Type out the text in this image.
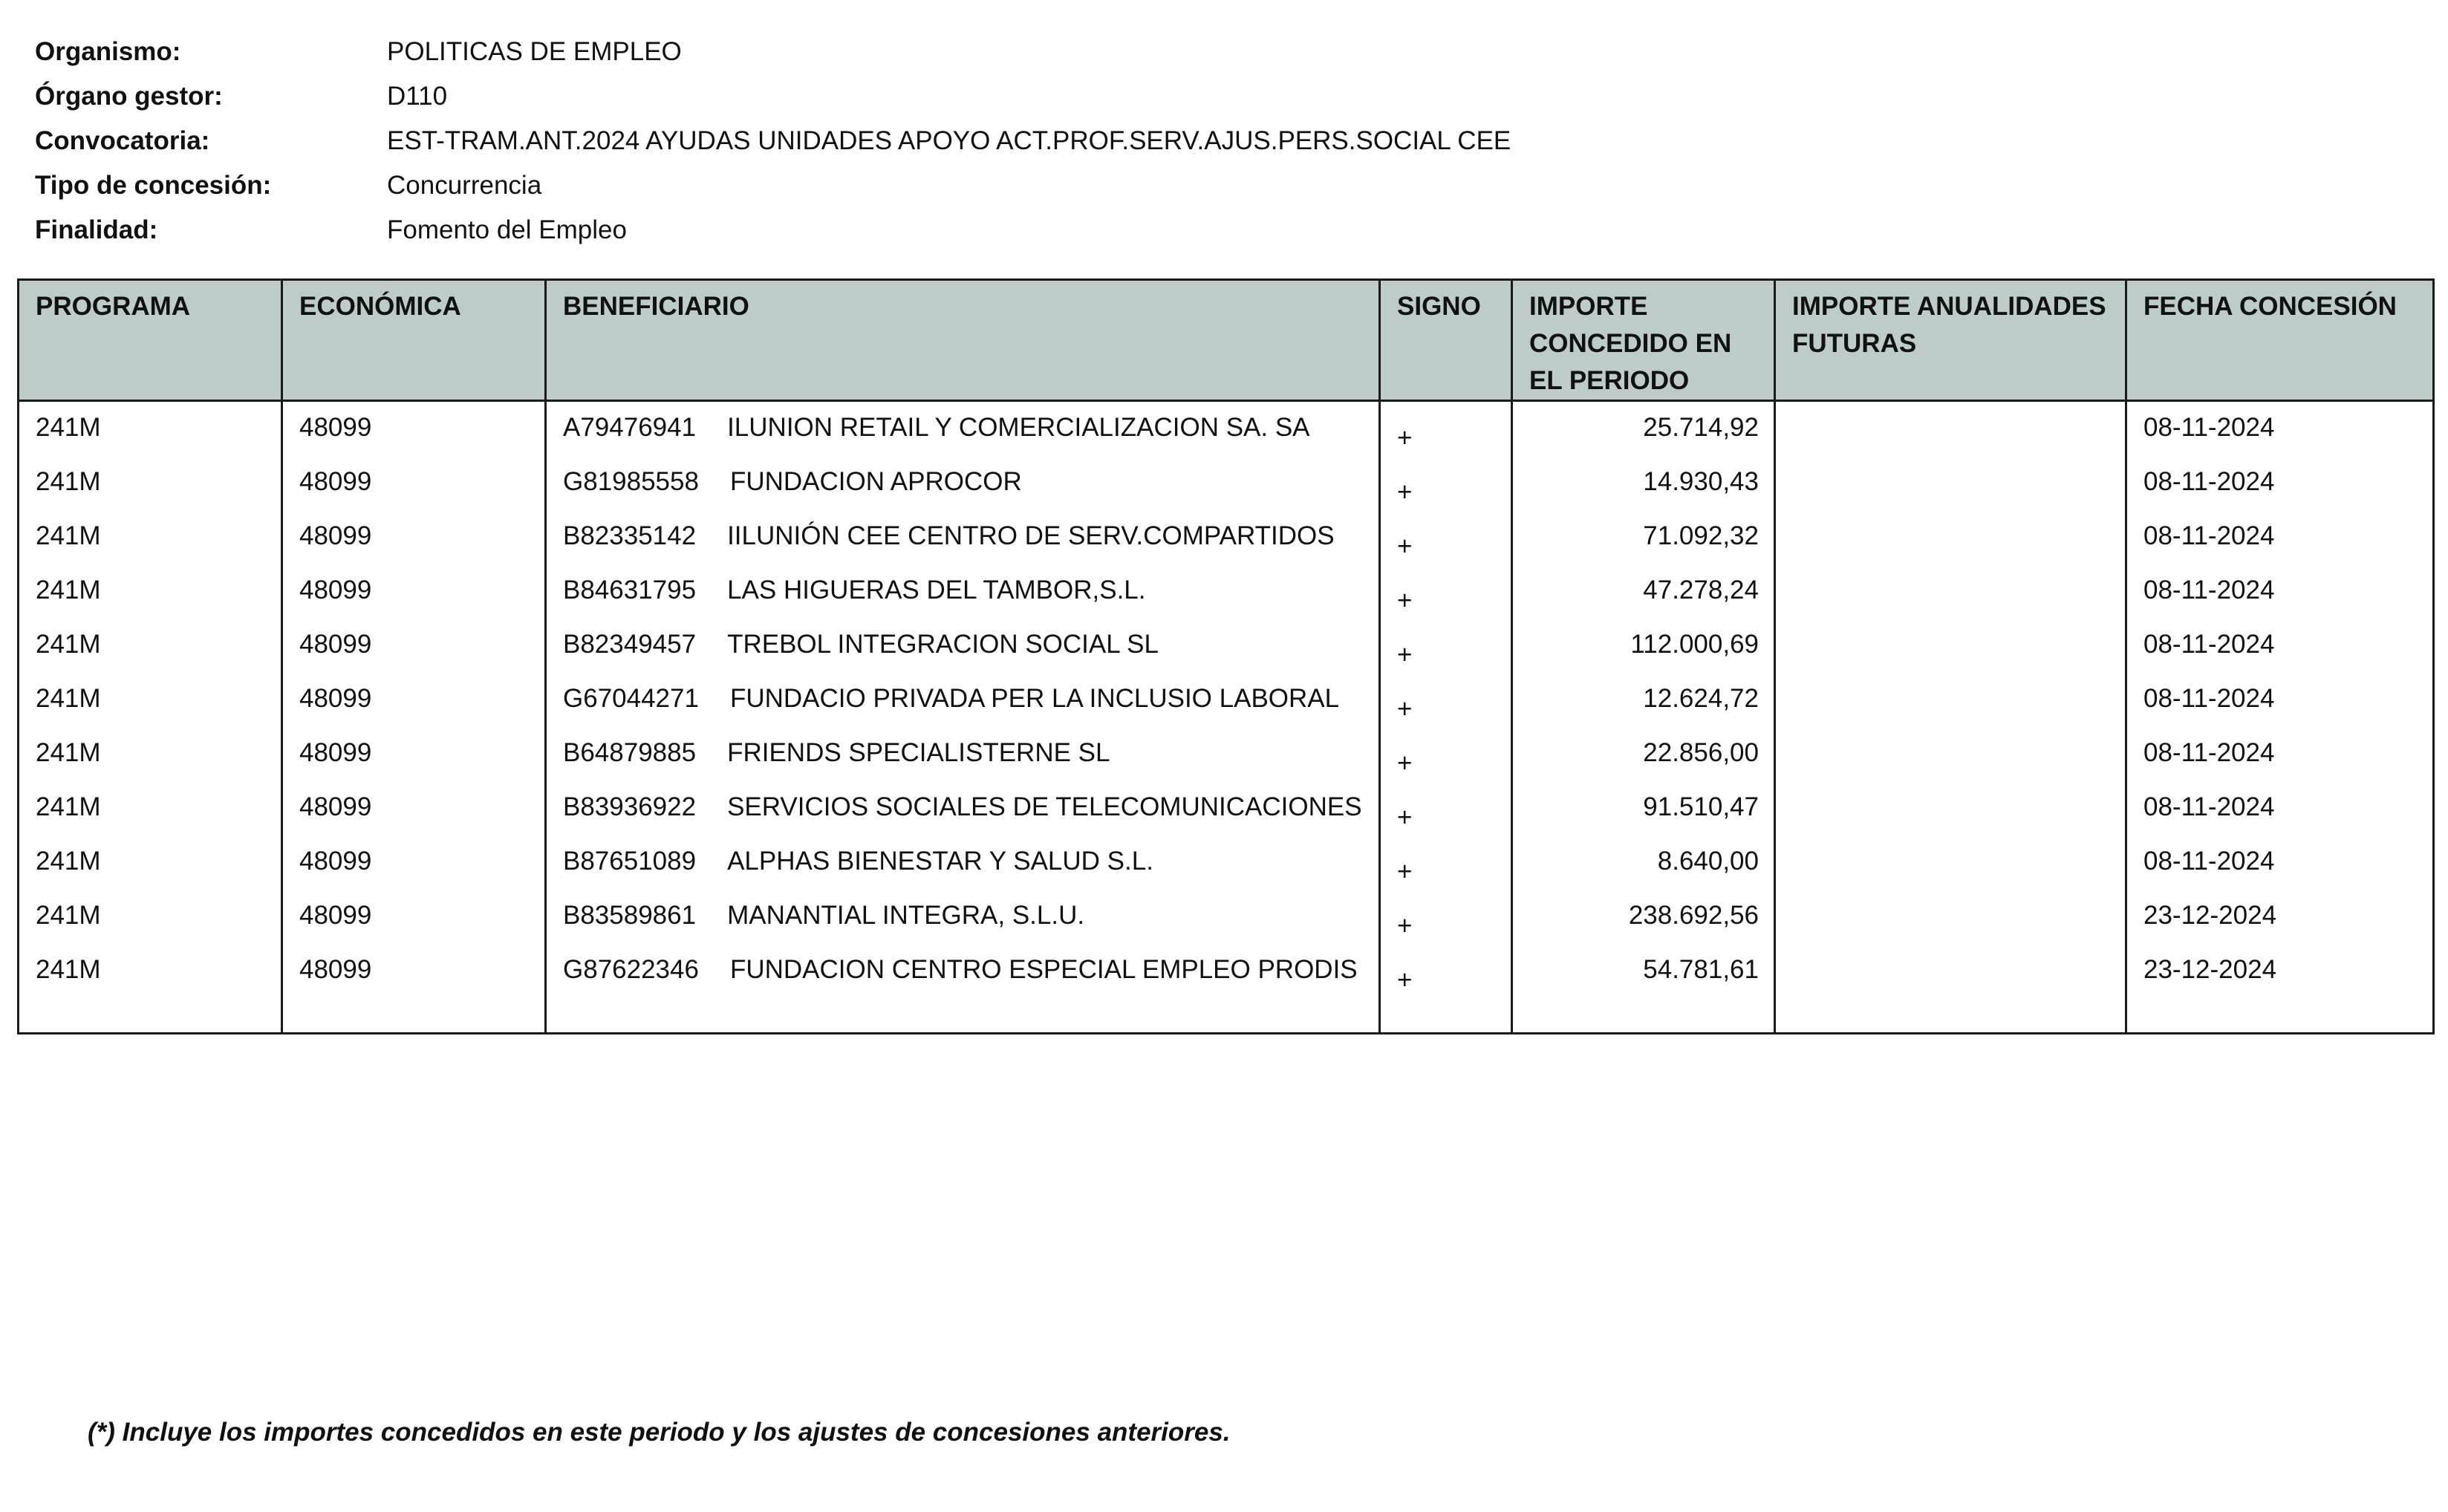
Organismo:	POLITICAS DE EMPLEO
Órgano gestor:	D110
Convocatoria:	EST-TRAM.ANT.2024 AYUDAS UNIDADES APOYO ACT.PROF.SERV.AJUS.PERS.SOCIAL CEE
Tipo de concesión:	Concurrencia
Finalidad:	Fomento del Empleo
PROGRAMA	ECONÓMICA	BENEFICIARIO	SIGNO	IMPORTE CONCEDIDO EN EL PERIODO	IMPORTE ANUALIDADES FUTURAS	FECHA CONCESIÓN
241M	48099	A79476941 ILUNION RETAIL Y COMERCIALIZACION SA. SA	+	25.714,92		08-11-2024
241M	48099	G81985558 FUNDACION APROCOR	+	14.930,43		08-11-2024
241M	48099	B82335142 IILUNIÓN CEE CENTRO DE SERV.COMPARTIDOS	+	71.092,32		08-11-2024
241M	48099	B84631795 LAS HIGUERAS DEL TAMBOR,S.L.	+	47.278,24		08-11-2024
241M	48099	B82349457 TREBOL INTEGRACION SOCIAL SL	+	112.000,69		08-11-2024
241M	48099	G67044271 FUNDACIO PRIVADA PER LA INCLUSIO LABORAL	+	12.624,72		08-11-2024
241M	48099	B64879885 FRIENDS SPECIALISTERNE SL	+	22.856,00		08-11-2024
241M	48099	B83936922 SERVICIOS SOCIALES DE TELECOMUNICACIONES	+	91.510,47		08-11-2024
241M	48099	B87651089 ALPHAS BIENESTAR Y SALUD S.L.	+	8.640,00		08-11-2024
241M	48099	B83589861 MANANTIAL INTEGRA, S.L.U.	+	238.692,56		23-12-2024
241M	48099	G87622346 FUNDACION CENTRO ESPECIAL EMPLEO PRODIS	+	54.781,61		23-12-2024
(*) Incluye los importes concedidos en este periodo y los ajustes de concesiones anteriores.
